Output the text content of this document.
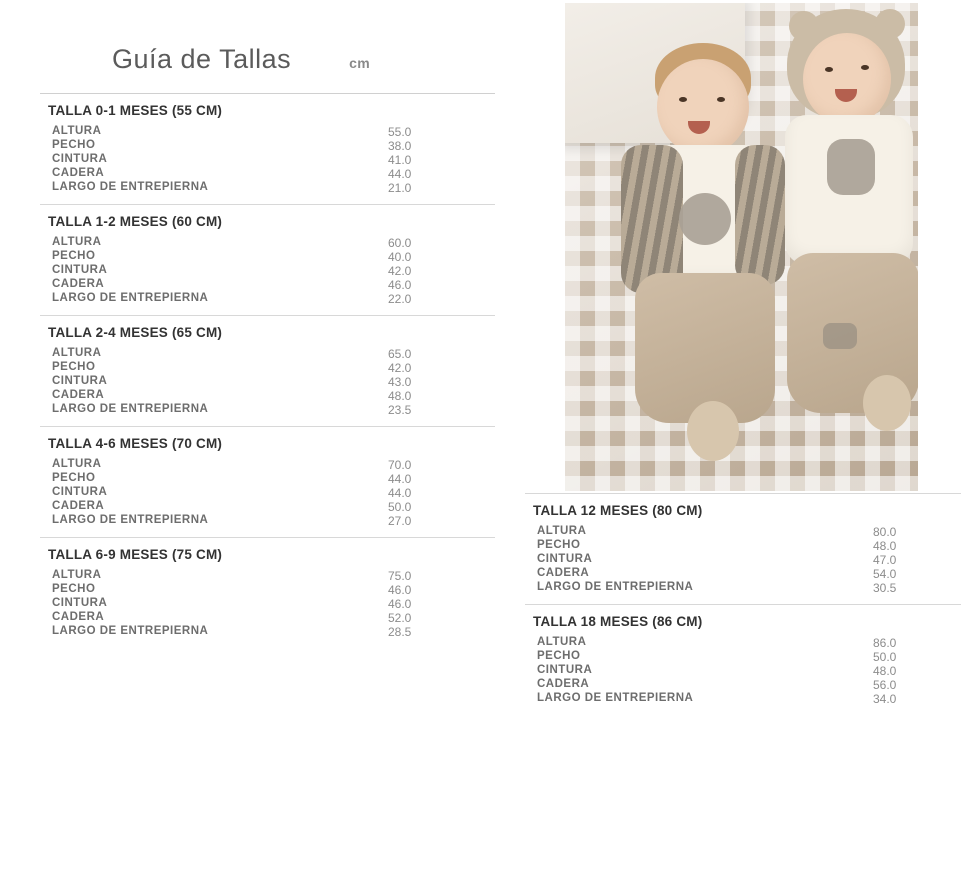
Guía de Tallas	cm
TALLA 0-1 MESES (55 CM)
ALTURA	55.0
PECHO	38.0
CINTURA	41.0
CADERA	44.0
LARGO DE ENTREPIERNA	21.0
TALLA 1-2 MESES (60 CM)
ALTURA	60.0
PECHO	40.0
CINTURA	42.0
CADERA	46.0
LARGO DE ENTREPIERNA	22.0
TALLA 2-4 MESES (65 CM)
ALTURA	65.0
PECHO	42.0
CINTURA	43.0
CADERA	48.0
LARGO DE ENTREPIERNA	23.5
TALLA 4-6 MESES (70 CM)
ALTURA	70.0
PECHO	44.0
CINTURA	44.0
CADERA	50.0
LARGO DE ENTREPIERNA	27.0
TALLA 6-9 MESES (75 CM)
ALTURA	75.0
PECHO	46.0
CINTURA	46.0
CADERA	52.0
LARGO DE ENTREPIERNA	28.5
TALLA 12 MESES (80 CM)
ALTURA	80.0
PECHO	48.0
CINTURA	47.0
CADERA	54.0
LARGO DE ENTREPIERNA	30.5
TALLA 18 MESES (86 CM)
ALTURA	86.0
PECHO	50.0
CINTURA	48.0
CADERA	56.0
LARGO DE ENTREPIERNA	34.0
